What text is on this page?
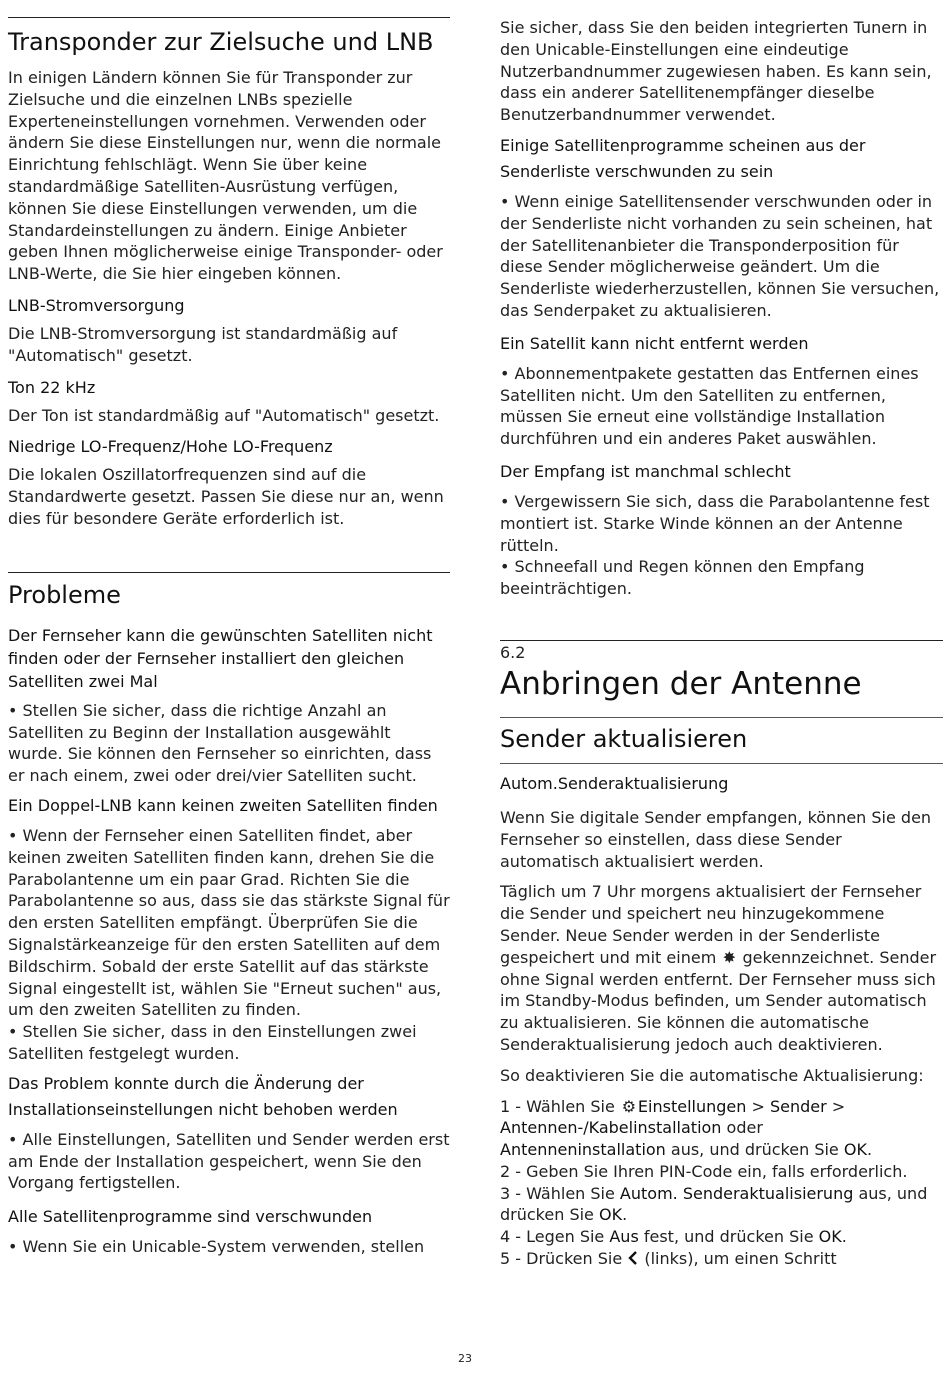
Transponder zur Zielsuche und LNB

In einigen Ländern können Sie für Transponder zur Zielsuche und die einzelnen LNBs spezielle Experteneinstellungen vornehmen. Verwenden oder ändern Sie diese Einstellungen nur, wenn die normale Einrichtung fehlschlägt. Wenn Sie über keine standardmäßige Satelliten-Ausrüstung verfügen, können Sie diese Einstellungen verwenden, um die Standardeinstellungen zu ändern. Einige Anbieter geben Ihnen möglicherweise einige Transponder- oder LNB-Werte, die Sie hier eingeben können.

LNB-Stromversorgung

Die LNB-Stromversorgung ist standardmäßig auf "Automatisch" gesetzt.

Ton 22 kHz

Der Ton ist standardmäßig auf "Automatisch" gesetzt.

Niedrige LO-Frequenz/Hohe LO-Frequenz

Die lokalen Oszillatorfrequenzen sind auf die Standardwerte gesetzt. Passen Sie diese nur an, wenn dies für besondere Geräte erforderlich ist.

Probleme
Der Fernseher kann die gewünschten Satelliten nicht finden oder der Fernseher installiert den gleichen Satelliten zwei Mal

• Stellen Sie sicher, dass die richtige Anzahl an Satelliten zu Beginn der Installation ausgewählt wurde. Sie können den Fernseher so einrichten, dass er nach einem, zwei oder drei/vier Satelliten sucht.

Ein Doppel-LNB kann keinen zweiten Satelliten finden

• Wenn der Fernseher einen Satelliten findet, aber keinen zweiten Satelliten finden kann, drehen Sie die Parabolantenne um ein paar Grad. Richten Sie die Parabolantenne so aus, dass sie das stärkste Signal für den ersten Satelliten empfängt. Überprüfen Sie die Signalstärkeanzeige für den ersten Satelliten auf dem Bildschirm. Sobald der erste Satellit auf das stärkste Signal eingestellt ist, wählen Sie "Erneut suchen" aus, um den zweiten Satelliten zu finden.

• Stellen Sie sicher, dass in den Einstellungen zwei Satelliten festgelegt wurden.

Das Problem konnte durch die Änderung der Installationseinstellungen nicht behoben werden

• Alle Einstellungen, Satelliten und Sender werden erst am Ende der Installation gespeichert, wenn Sie den Vorgang fertigstellen.

Alle Satellitenprogramme sind verschwunden

• Wenn Sie ein Unicable-System verwenden, stellen

Sie sicher, dass Sie den beiden integrierten Tunern in den Unicable-Einstellungen eine eindeutige Nutzerbandnummer zugewiesen haben. Es kann sein, dass ein anderer Satellitenempfänger dieselbe Benutzerbandnummer verwendet.

Einige Satellitenprogramme scheinen aus der Senderliste verschwunden zu sein

• Wenn einige Satellitensender verschwunden oder in der Senderliste nicht vorhanden zu sein scheinen, hat der Satellitenanbieter die Transponderposition für diese Sender möglicherweise geändert. Um die Senderliste wiederherzustellen, können Sie versuchen, das Senderpaket zu aktualisieren.

Ein Satellit kann nicht entfernt werden

• Abonnementpakete gestatten das Entfernen eines Satelliten nicht. Um den Satelliten zu entfernen, müssen Sie erneut eine vollständige Installation durchführen und ein anderes Paket auswählen.

Der Empfang ist manchmal schlecht

• Vergewissern Sie sich, dass die Parabolantenne fest montiert ist. Starke Winde können an der Antenne rütteln.

• Schneefall und Regen können den Empfang beeinträchtigen.

6.2
Anbringen der Antenne
Sender aktualisieren
Autom.Senderaktualisierung

Wenn Sie digitale Sender empfangen, können Sie den Fernseher so einstellen, dass diese Sender automatisch aktualisiert werden.

Täglich um 7 Uhr morgens aktualisiert der Fernseher die Sender und speichert neu hinzugekommene Sender. Neue Sender werden in der Senderliste gespeichert und mit einem ✸ gekennzeichnet. Sender ohne Signal werden entfernt. Der Fernseher muss sich im Standby-Modus befinden, um Sender automatisch zu aktualisieren. Sie können die automatische Senderaktualisierung jedoch auch deaktivieren.

So deaktivieren Sie die automatische Aktualisierung:

1 - Wählen Sie ⚙ Einstellungen > Sender >
Antennen-/Kabelinstallation oder
Antenneninstallation aus, und drücken Sie OK.

2 - Geben Sie Ihren PIN-Code ein, falls erforderlich.

3 - Wählen Sie Autom. Senderaktualisierung aus, und drücken Sie OK.

4 - Legen Sie Aus fest, und drücken Sie OK.

5 - Drücken Sie  (links), um einen Schritt

23
